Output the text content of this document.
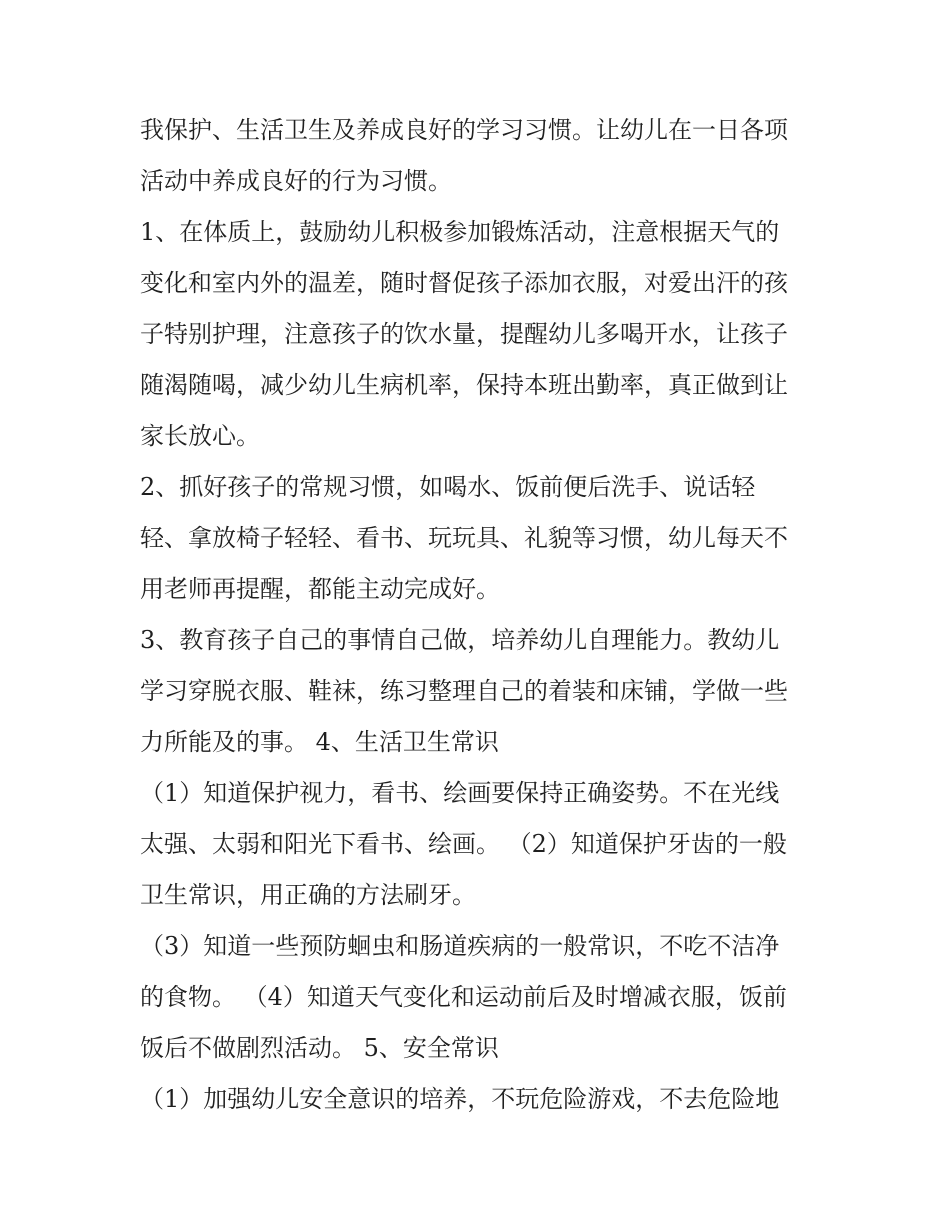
我保护、生活卫生及养成良好的学习习惯。让幼儿在一日各项
活动中养成良好的行为习惯。
1、在体质上，鼓励幼儿积极参加锻炼活动，注意根据天气的
变化和室内外的温差，随时督促孩子添加衣服，对爱出汗的孩
子特别护理，注意孩子的饮水量，提醒幼儿多喝开水，让孩子
随渴随喝，减少幼儿生病机率，保持本班出勤率，真正做到让
家长放心。
2、抓好孩子的常规习惯，如喝水、饭前便后洗手、说话轻
轻、拿放椅子轻轻、看书、玩玩具、礼貌等习惯，幼儿每天不
用老师再提醒，都能主动完成好。
3、教育孩子自己的事情自己做，培养幼儿自理能力。教幼儿
学习穿脱衣服、鞋袜，练习整理自己的着装和床铺，学做一些
力所能及的事。 4、生活卫生常识
（1）知道保护视力，看书、绘画要保持正确姿势。不在光线
太强、太弱和阳光下看书、绘画。 （2）知道保护牙齿的一般
卫生常识，用正确的方法刷牙。
（3）知道一些预防蛔虫和肠道疾病的一般常识，不吃不洁净
的食物。 （4）知道天气变化和运动前后及时增减衣服，饭前
饭后不做剧烈活动。 5、安全常识
（1）加强幼儿安全意识的培养，不玩危险游戏，不去危险地
